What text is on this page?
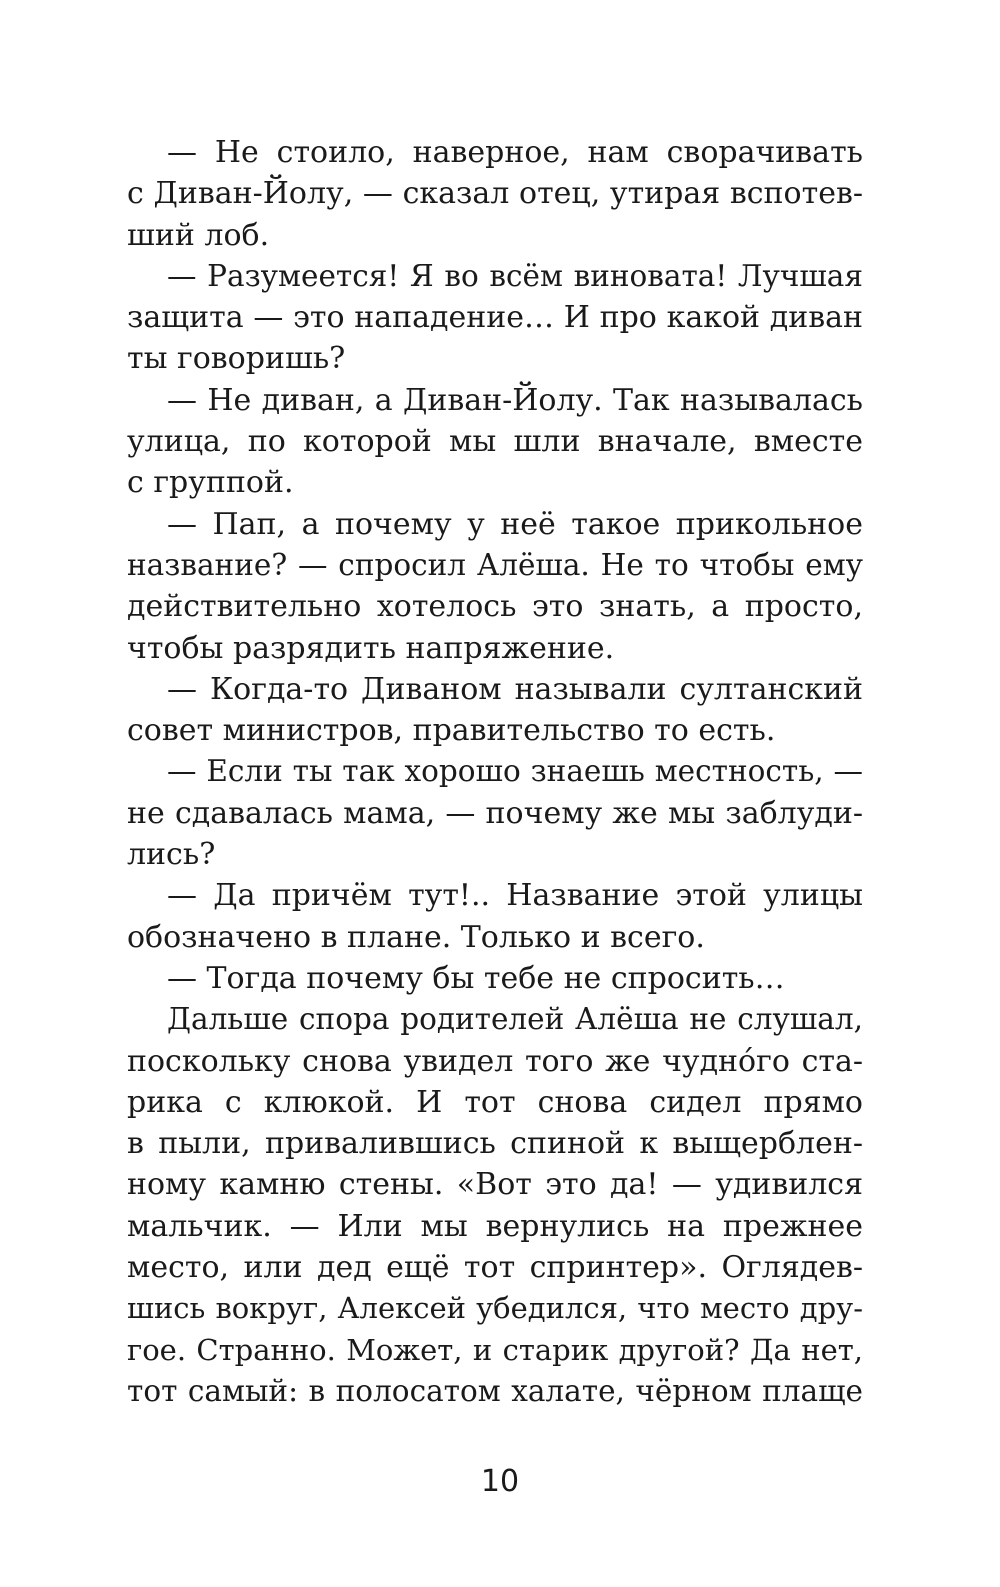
— Не стоило, наверное, нам сворачивать
с Диван-Йолу, — сказал отец, утирая вспотев-
ший лоб.
— Разумеется! Я во всём виновата! Лучшая
защита — это нападение… И про какой диван
ты говоришь?
— Не диван, а Диван-Йолу. Так называлась
улица, по которой мы шли вначале, вместе
с группой.
— Пап, а почему у неё такое прикольное
название? — спросил Алёша. Не то чтобы ему
действительно хотелось это знать, а просто,
чтобы разрядить напряжение.
— Когда-то Диваном называли султанский
совет министров, правительство то есть.
— Если ты так хорошо знаешь местность, —
не сдавалась мама, — почему же мы заблуди-
лись?
— Да причём тут!.. Название этой улицы
обозначено в плане. Только и всего.
— Тогда почему бы тебе не спросить…
Дальше спора родителей Алёша не слушал,
поскольку снова увидел того же чудно́го ста-
рика с клюкой. И тот снова сидел прямо
в пыли, привалившись спиной к выщерблен-
ному камню стены. «Вот это да! — удивился
мальчик. — Или мы вернулись на прежнее
место, или дед ещё тот спринтер». Оглядев-
шись вокруг, Алексей убедился, что место дру-
гое. Странно. Может, и старик другой? Да нет,
тот самый: в полосатом халате, чёрном плаще
10
